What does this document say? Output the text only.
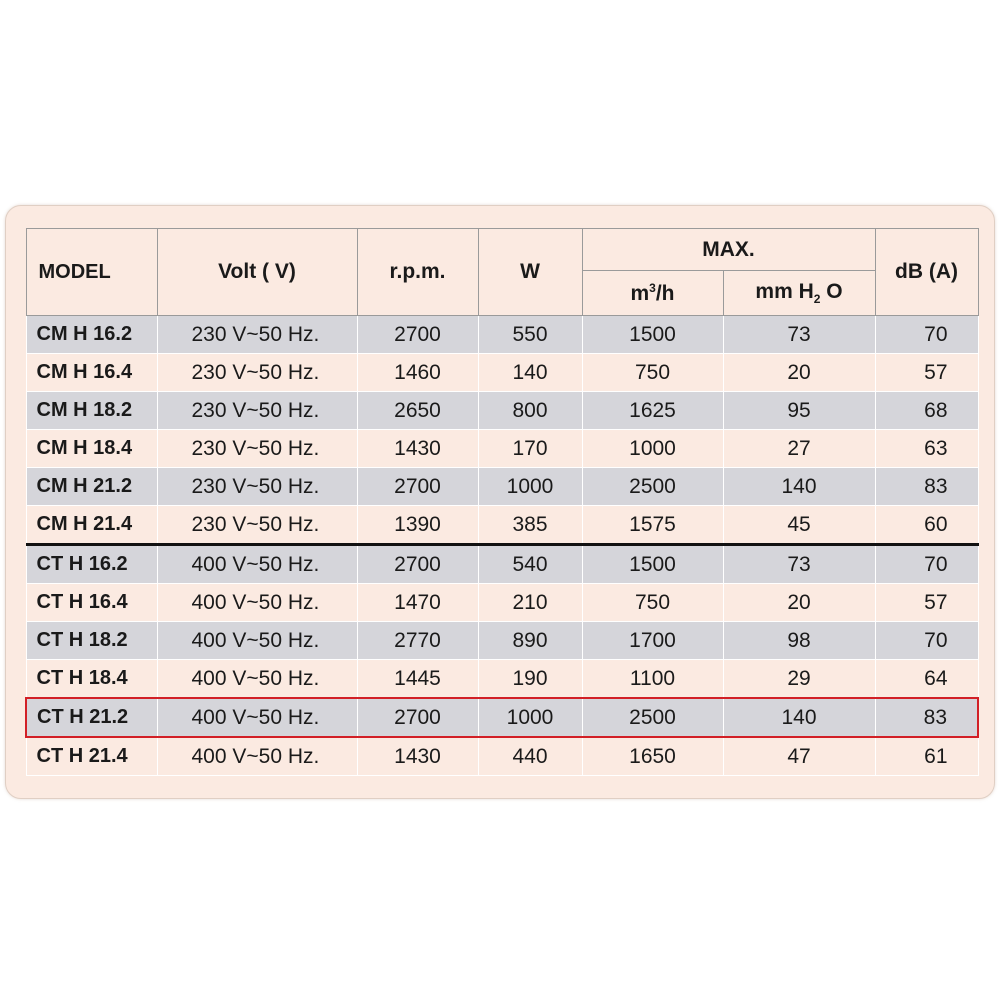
MODEL	Volt ( V)	r.p.m.	W	MAX.		dB (A)
				$m^3/h$	mm $H_2$ O	
CM H 16.2	230 V~50 Hz.	2700	550	1500	73	70
CM H 16.4	230 V~50 Hz.	1460	140	750	20	57
CM H 18.2	230 V~50 Hz.	2650	800	1625	95	68
CM H 18.4	230 V~50 Hz.	1430	170	1000	27	63
CM H 21.2	230 V~50 Hz.	2700	1000	2500	140	83
CM H 21.4	230 V~50 Hz.	1390	385	1575	45	60
CT H 16.2	400 V~50 Hz.	2700	540	1500	73	70
CT H 16.4	400 V~50 Hz.	1470	210	750	20	57
CT H 18.2	400 V~50 Hz.	2770	890	1700	98	70
CT H 18.4	400 V~50 Hz.	1445	190	1100	29	64
CT H 21.2	400 V~50 Hz.	2700	1000	2500	140	83
CT H 21.4	400 V~50 Hz.	1430	440	1650	47	61
